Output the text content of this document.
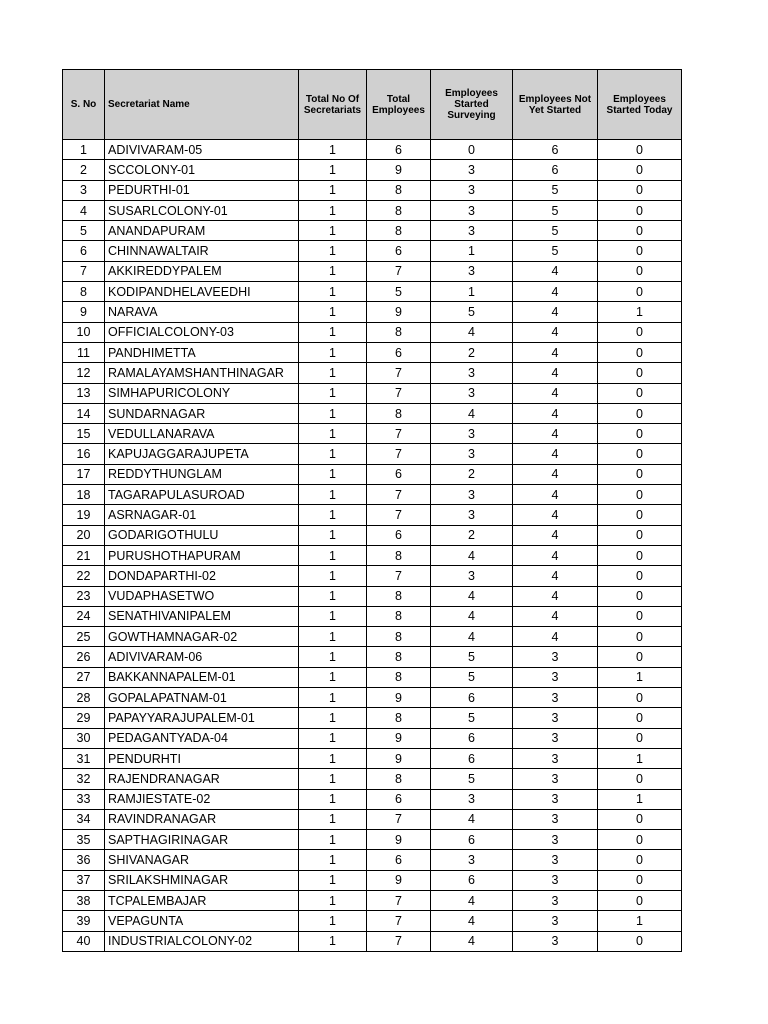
S. No	Secretariat Name	Total No Of Secretariats	Total Employees	Employees Started Surveying	Employees Not Yet Started	Employees Started Today
1	ADIVIVARAM-05	1	6	0	6	0
2	SCCOLONY-01	1	9	3	6	0
3	PEDURTHI-01	1	8	3	5	0
4	SUSARLCOLONY-01	1	8	3	5	0
5	ANANDAPURAM	1	8	3	5	0
6	CHINNAWALTAIR	1	6	1	5	0
7	AKKIREDDYPALEM	1	7	3	4	0
8	KODIPANDHELAVEEDHI	1	5	1	4	0
9	NARAVA	1	9	5	4	1
10	OFFICIALCOLONY-03	1	8	4	4	0
11	PANDHIMETTA	1	6	2	4	0
12	RAMALAYAMSHANTHINAGAR	1	7	3	4	0
13	SIMHAPURICOLONY	1	7	3	4	0
14	SUNDARNAGAR	1	8	4	4	0
15	VEDULLANARAVA	1	7	3	4	0
16	KAPUJAGGARAJUPETA	1	7	3	4	0
17	REDDYTHUNGLAM	1	6	2	4	0
18	TAGARAPULASUROAD	1	7	3	4	0
19	ASRNAGAR-01	1	7	3	4	0
20	GODARIGOTHULU	1	6	2	4	0
21	PURUSHOTHAPURAM	1	8	4	4	0
22	DONDAPARTHI-02	1	7	3	4	0
23	VUDAPHASETWO	1	8	4	4	0
24	SENATHIVANIPALEM	1	8	4	4	0
25	GOWTHAMNAGAR-02	1	8	4	4	0
26	ADIVIVARAM-06	1	8	5	3	0
27	BAKKANNAPALEM-01	1	8	5	3	1
28	GOPALAPATNAM-01	1	9	6	3	0
29	PAPAYYARAJUPALEM-01	1	8	5	3	0
30	PEDAGANTYADA-04	1	9	6	3	0
31	PENDURHTI	1	9	6	3	1
32	RAJENDRANAGAR	1	8	5	3	0
33	RAMJIESTATE-02	1	6	3	3	1
34	RAVINDRANAGAR	1	7	4	3	0
35	SAPTHAGIRINAGAR	1	9	6	3	0
36	SHIVANAGAR	1	6	3	3	0
37	SRILAKSHMINAGAR	1	9	6	3	0
38	TCPALEMBAJAR	1	7	4	3	0
39	VEPAGUNTA	1	7	4	3	1
40	INDUSTRIALCOLONY-02	1	7	4	3	0
